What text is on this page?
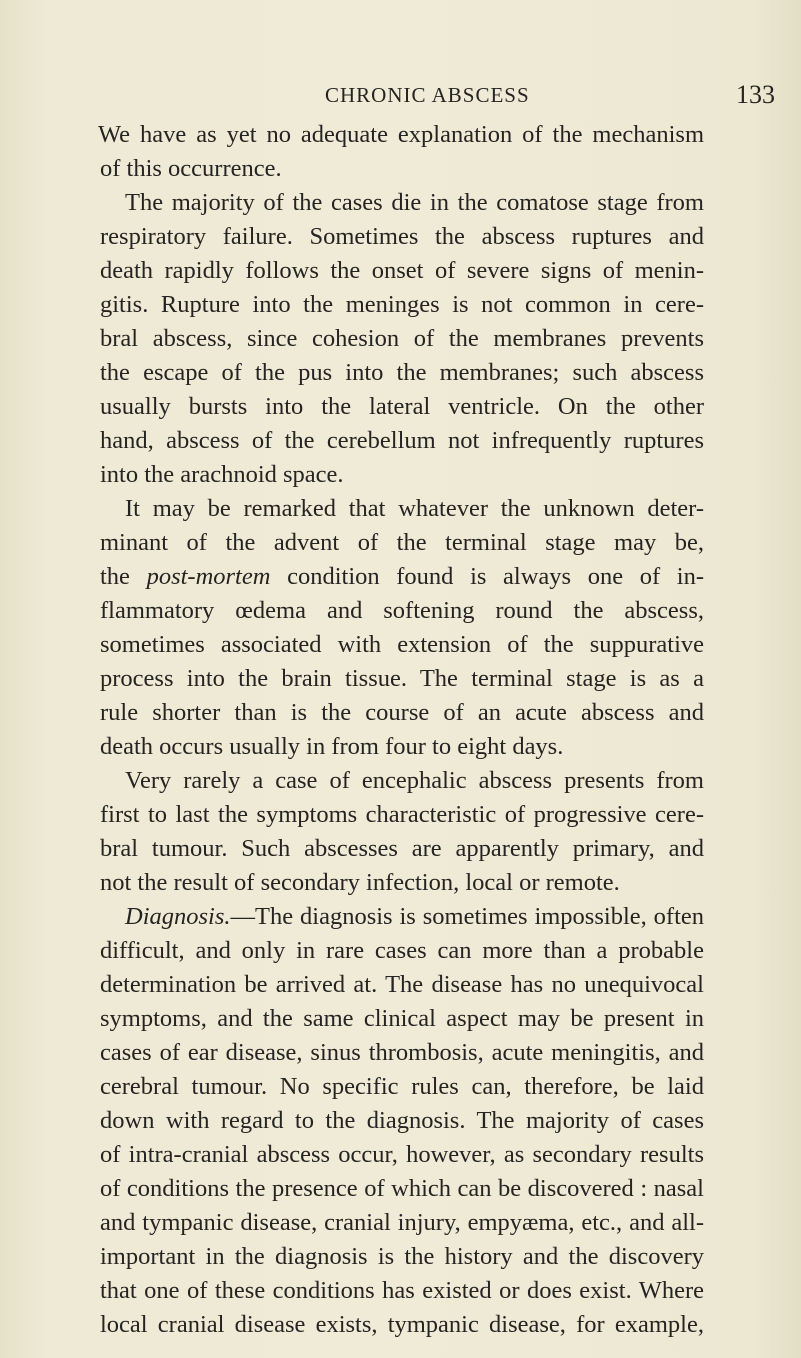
CHRONIC ABSCESS	133
We have as yet no adequate explanation of the mechanism
of this occurrence.
The majority of the cases die in the comatose stage from
respiratory failure. Sometimes the abscess ruptures and
death rapidly follows the onset of severe signs of menin-
gitis. Rupture into the meninges is not common in cere-
bral abscess, since cohesion of the membranes prevents
the escape of the pus into the membranes; such abscess
usually bursts into the lateral ventricle. On the other
hand, abscess of the cerebellum not infrequently ruptures
into the arachnoid space.
It may be remarked that whatever the unknown deter-
minant of the advent of the terminal stage may be,
the post-mortem condition found is always one of in-
flammatory œdema and softening round the abscess,
sometimes associated with extension of the suppurative
process into the brain tissue. The terminal stage is as a
rule shorter than is the course of an acute abscess and
death occurs usually in from four to eight days.
Very rarely a case of encephalic abscess presents from
first to last the symptoms characteristic of progressive cere-
bral tumour. Such abscesses are apparently primary, and
not the result of secondary infection, local or remote.
Diagnosis.—The diagnosis is sometimes impossible, often
difficult, and only in rare cases can more than a probable
determination be arrived at. The disease has no unequivocal
symptoms, and the same clinical aspect may be present in
cases of ear disease, sinus thrombosis, acute meningitis, and
cerebral tumour. No specific rules can, therefore, be laid
down with regard to the diagnosis. The majority of cases
of intra-cranial abscess occur, however, as secondary results
of conditions the presence of which can be discovered : nasal
and tympanic disease, cranial injury, empyæma, etc., and all-
important in the diagnosis is the history and the discovery
that one of these conditions has existed or does exist. Where
local cranial disease exists, tympanic disease, for example,
